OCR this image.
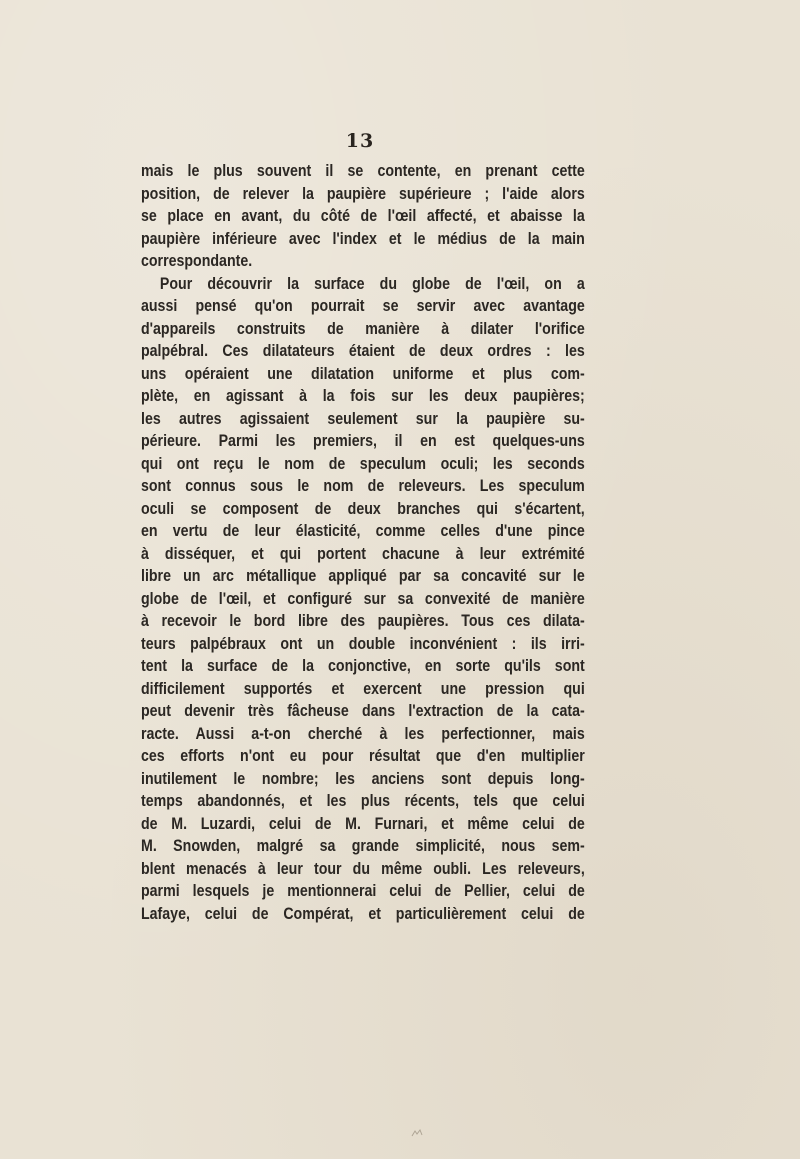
13
mais le plus souvent il se contente, en prenant cette
position, de relever la paupière supérieure ; l'aide alors
se place en avant, du côté de l'œil affecté, et abaisse la
paupière inférieure avec l'index et le médius de la main
correspondante.
Pour découvrir la surface du globe de l'œil, on a
aussi pensé qu'on pourrait se servir avec avantage
d'appareils construits de manière à dilater l'orifice
palpébral. Ces dilatateurs étaient de deux ordres : les
uns opéraient une dilatation uniforme et plus com-
plète, en agissant à la fois sur les deux paupières;
les autres agissaient seulement sur la paupière su-
périeure. Parmi les premiers, il en est quelques-uns
qui ont reçu le nom de speculum oculi; les seconds
sont connus sous le nom de releveurs. Les speculum
oculi se composent de deux branches qui s'écartent,
en vertu de leur élasticité, comme celles d'une pince
à disséquer, et qui portent chacune à leur extrémité
libre un arc métallique appliqué par sa concavité sur le
globe de l'œil, et configuré sur sa convexité de manière
à recevoir le bord libre des paupières. Tous ces dilata-
teurs palpébraux ont un double inconvénient : ils irri-
tent la surface de la conjonctive, en sorte qu'ils sont
difficilement supportés et exercent une pression qui
peut devenir très fâcheuse dans l'extraction de la cata-
racte. Aussi a-t-on cherché à les perfectionner, mais
ces efforts n'ont eu pour résultat que d'en multiplier
inutilement le nombre; les anciens sont depuis long-
temps abandonnés, et les plus récents, tels que celui
de M. Luzardi, celui de M. Furnari, et même celui de
M. Snowden, malgré sa grande simplicité, nous sem-
blent menacés à leur tour du même oubli. Les releveurs,
parmi lesquels je mentionnerai celui de Pellier, celui de
Lafaye, celui de Compérat, et particulièrement celui de
